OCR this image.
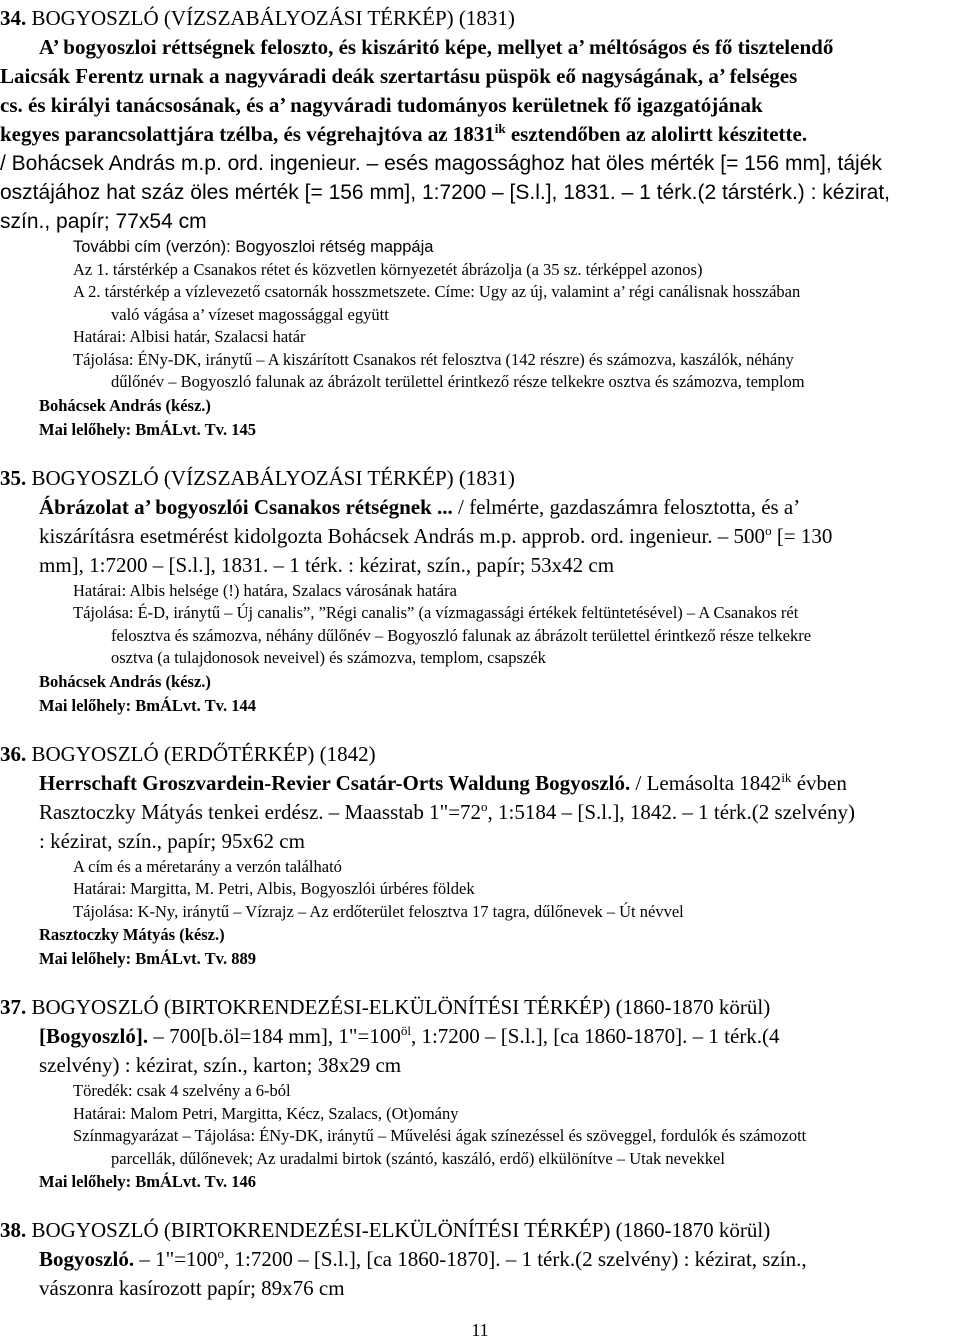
34. BOGYOSZLÓ (VÍZSZABÁLYOZÁSI TÉRKÉP) (1831)
A’ bogyoszloi réttségnek feloszto, és kiszáritó képe, mellyet a’ méltóságos és fő tisztelendő
Laicsák Ferentz urnak a nagyváradi deák szertartásu püspök eő nagyságának, a’ felséges
cs. és királyi tanácsosának, és a’ nagyváradi tudományos kerületnek fő igazgatójának
kegyes parancsolattjára tzélba, és végrehajtóva az $1831^{ik}$ esztendőben az alolirtt készitette.
/ Bohácsek András m.p. ord. ingenieur. – esés magossághoz hat öles mérték [= 156 mm], tájék
osztájához hat száz öles mérték [= 156 mm], 1:7200 – [S.l.], 1831. – 1 térk.(2 társtérk.) : kézirat,
szín., papír; 77x54 cm
További cím (verzón): Bogyoszloi rétség mappája
Az 1. társtérkép a Csanakos rétet és közvetlen környezetét ábrázolja (a 35 sz. térképpel azonos)
A 2. társtérkép a vízlevezető csatornák hosszmetszete. Címe: Ugy az új, valamint a’ régi canálisnak hosszában
való vágása a’ vízeset magossággal együtt
Határai: Albisi határ, Szalacsi határ
Tájolása: ÉNy-DK, iránytű – A kiszárított Csanakos rét felosztva (142 részre) és számozva, kaszálók, néhány
dűlőnév – Bogyoszló falunak az ábrázolt területtel érintkező része telkekre osztva és számozva, templom
Bohácsek András (kész.)
Mai lelőhely: BmÁLvt. Tv. 145
35. BOGYOSZLÓ (VÍZSZABÁLYOZÁSI TÉRKÉP) (1831)
Ábrázolat a’ bogyoszlói Csanakos rétségnek ... / felmérte, gazdaszámra felosztotta, és a’
kiszárításra esetmérést kidolgozta Bohácsek András m.p. approb. ord. ingenieur. – 500$^o$ [= 130
mm], 1:7200 – [S.l.], 1831. – 1 térk. : kézirat, szín., papír; 53x42 cm
Határai: Albis helsége (!) határa, Szalacs városának határa
Tájolása: É-D, iránytű – Új canalis”, ”Régi canalis” (a vízmagassági értékek feltüntetésével) – A Csanakos rét
felosztva és számozva, néhány dűlőnév – Bogyoszló falunak az ábrázolt területtel érintkező része telkekre
osztva (a tulajdonosok neveivel) és számozva, templom, csapszék
Bohácsek András (kész.)
Mai lelőhely: BmÁLvt. Tv. 144
36. BOGYOSZLÓ (ERDŐTÉRKÉP) (1842)
Herrschaft Groszvardein-Revier Csatár-Orts Waldung Bogyoszló. / Lemásolta $1842^{ik}$ évben
Rasztoczky Mátyás tenkei erdész. – Maasstab $1"=72^o$, 1:5184 – [S.l.], 1842. – 1 térk.(2 szelvény)
: kézirat, szín., papír; 95x62 cm
A cím és a méretarány a verzón található
Határai: Margitta, M. Petri, Albis, Bogyoszlói úrbéres földek
Tájolása: K-Ny, iránytű – Vízrajz – Az erdőterület felosztva 17 tagra, dűlőnevek – Út névvel
Rasztoczky Mátyás (kész.)
Mai lelőhely: BmÁLvt. Tv. 889
37. BOGYOSZLÓ (BIRTOKRENDEZÉSI-ELKÜLÖNÍTÉSI TÉRKÉP) (1860-1870 körül)
[Bogyoszló]. – 700[b.öl=184 mm], $1"=100^{öl}$, 1:7200 – [S.l.], [ca 1860-1870]. – 1 térk.(4
szelvény) : kézirat, szín., karton; 38x29 cm
Töredék: csak 4 szelvény a 6-ból
Határai: Malom Petri, Margitta, Kécz, Szalacs, (Ot)omány
Színmagyarázat – Tájolása: ÉNy-DK, iránytű – Művelési ágak színezéssel és szöveggel, fordulók és számozott
parcellák, dűlőnevek; Az uradalmi birtok (szántó, kaszáló, erdő) elkülönítve – Utak nevekkel
Mai lelőhely: BmÁLvt. Tv. 146
38. BOGYOSZLÓ (BIRTOKRENDEZÉSI-ELKÜLÖNÍTÉSI TÉRKÉP) (1860-1870 körül)
Bogyoszló. – $1"=100^o$, 1:7200 – [S.l.], [ca 1860-1870]. – 1 térk.(2 szelvény) : kézirat, szín.,
vászonra kasírozott papír; 89x76 cm
11
